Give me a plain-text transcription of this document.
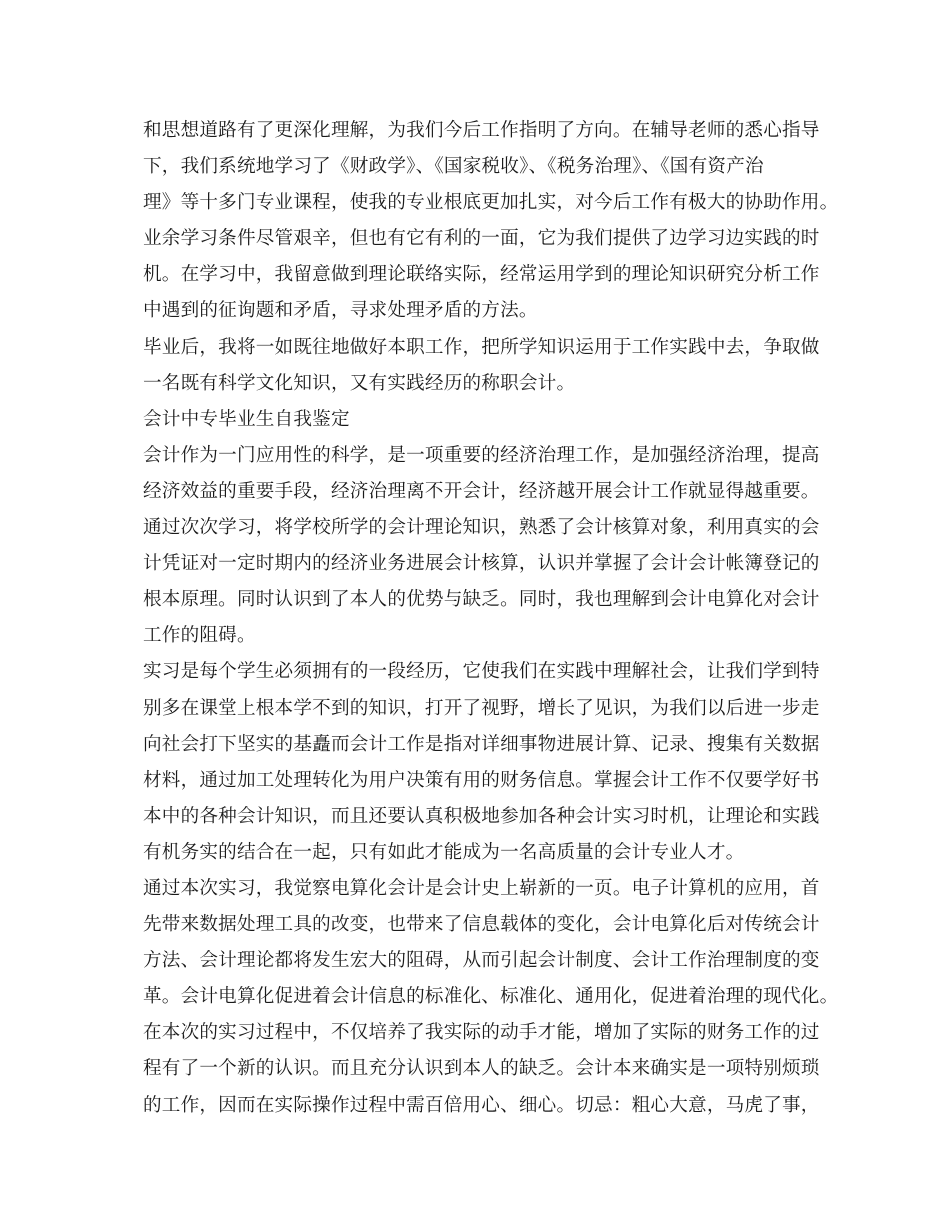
和思想道路有了更深化理解，为我们今后工作指明了方向。在辅导老师的悉心指导
下，我们系统地学习了《财政学》、《国家税收》、《税务治理》、《国有资产治
理》等十多门专业课程，使我的专业根底更加扎实，对今后工作有极大的协助作用。
业余学习条件尽管艰辛，但也有它有利的一面，它为我们提供了边学习边实践的时
机。在学习中，我留意做到理论联络实际，经常运用学到的理论知识研究分析工作
中遇到的征询题和矛盾，寻求处理矛盾的方法。
毕业后，我将一如既往地做好本职工作，把所学知识运用于工作实践中去，争取做
一名既有科学文化知识，又有实践经历的称职会计。
会计中专毕业生自我鉴定
会计作为一门应用性的科学，是一项重要的经济治理工作，是加强经济治理，提高
经济效益的重要手段，经济治理离不开会计，经济越开展会计工作就显得越重要。
通过次次学习，将学校所学的会计理论知识，熟悉了会计核算对象，利用真实的会
计凭证对一定时期内的经济业务进展会计核算，认识并掌握了会计会计帐簿登记的
根本原理。同时认识到了本人的优势与缺乏。同时，我也理解到会计电算化对会计
工作的阻碍。
实习是每个学生必须拥有的一段经历，它使我们在实践中理解社会，让我们学到特
别多在课堂上根本学不到的知识，打开了视野，增长了见识，为我们以后进一步走
向社会打下坚实的基矗而会计工作是指对详细事物进展计算、记录、搜集有关数据
材料，通过加工处理转化为用户决策有用的财务信息。掌握会计工作不仅要学好书
本中的各种会计知识，而且还要认真积极地参加各种会计实习时机，让理论和实践
有机务实的结合在一起，只有如此才能成为一名高质量的会计专业人才。
通过本次实习，我觉察电算化会计是会计史上崭新的一页。电子计算机的应用，首
先带来数据处理工具的改变，也带来了信息载体的变化，会计电算化后对传统会计
方法、会计理论都将发生宏大的阻碍，从而引起会计制度、会计工作治理制度的变
革。会计电算化促进着会计信息的标准化、标准化、通用化，促进着治理的现代化。
在本次的实习过程中，不仅培养了我实际的动手才能，增加了实际的财务工作的过
程有了一个新的认识。而且充分认识到本人的缺乏。会计本来确实是一项特别烦琐
的工作，因而在实际操作过程中需百倍用心、细心。切忌：粗心大意，马虎了事，
